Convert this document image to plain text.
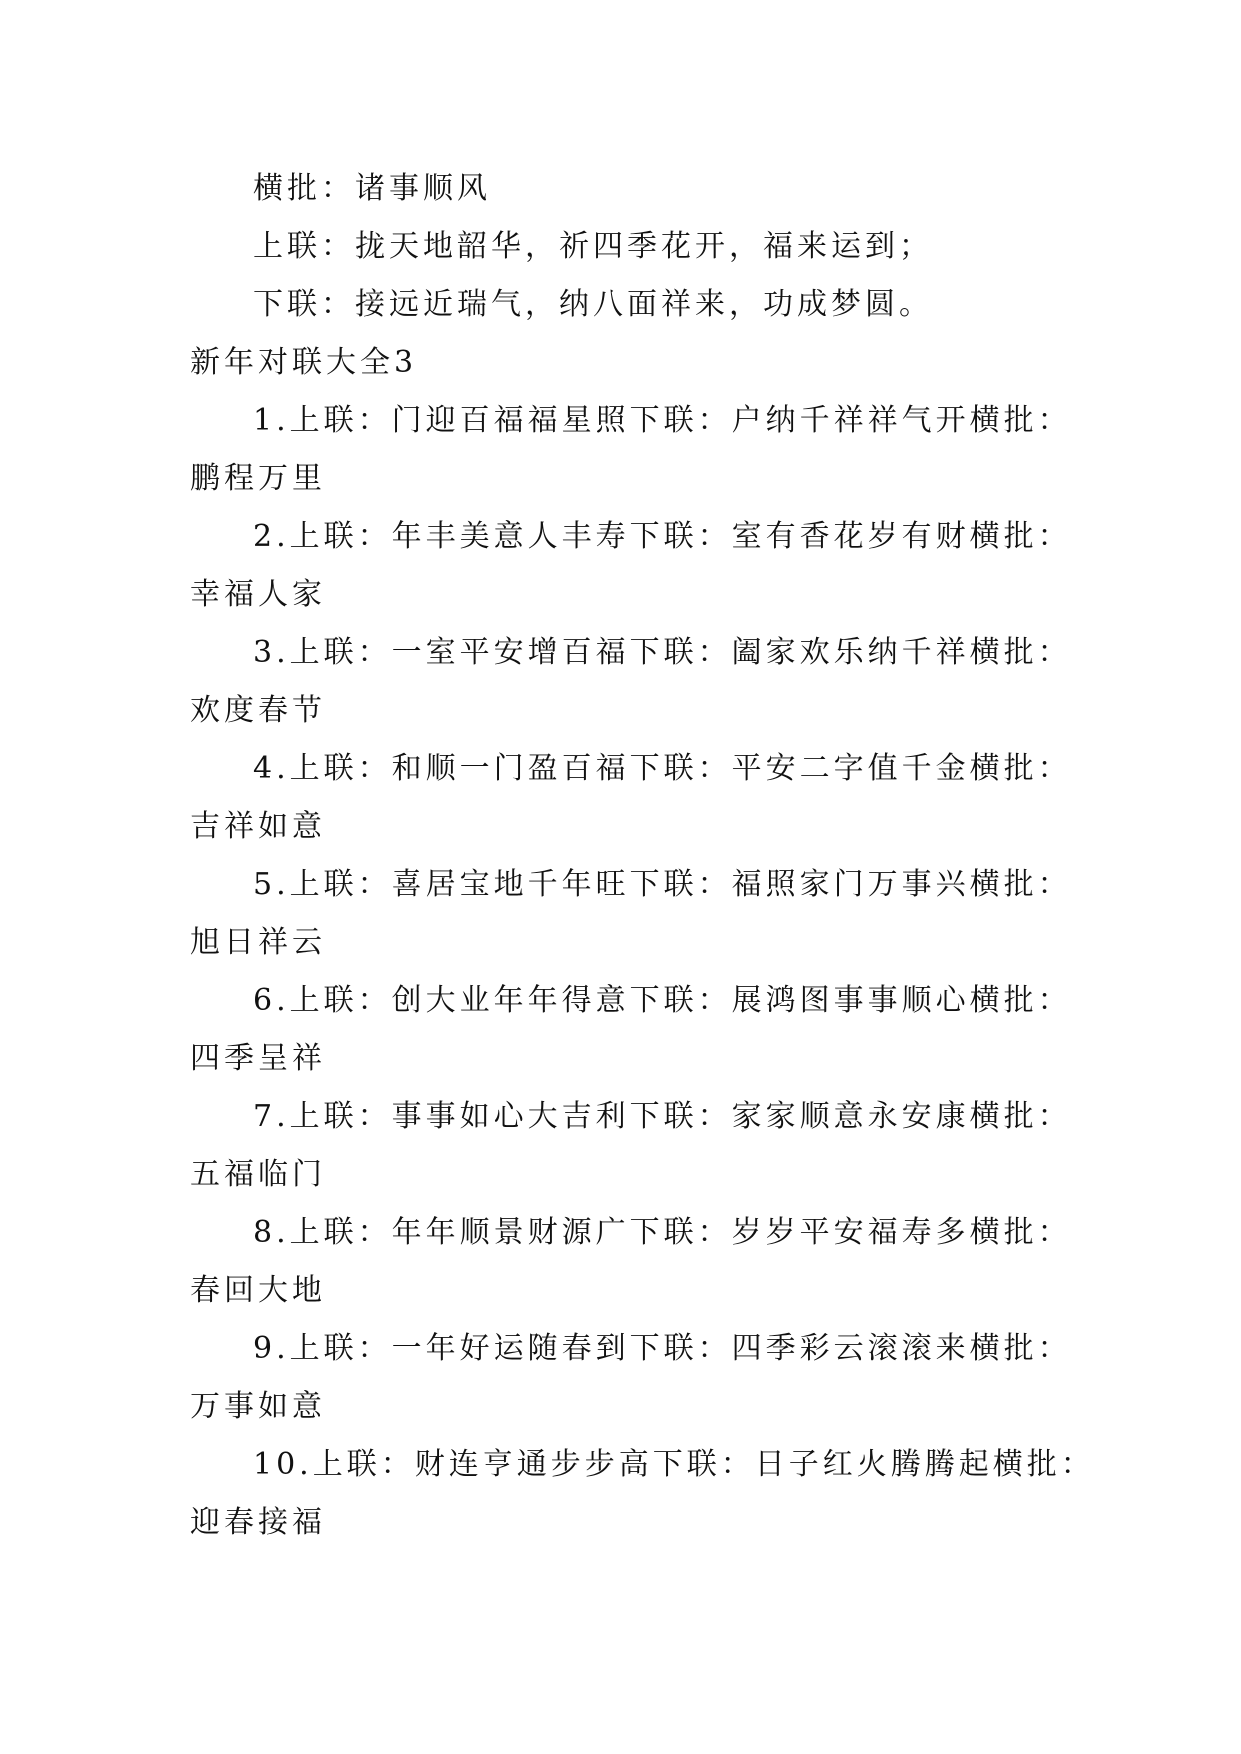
横批：诸事顺风

上联：拢天地韶华，祈四季花开，福来运到；

下联：接远近瑞气，纳八面祥来，功成梦圆。

新年对联大全3

1.上联：门迎百福福星照下联：户纳千祥祥气开横批：

鹏程万里

2.上联：年丰美意人丰寿下联：室有香花岁有财横批：

幸福人家

3.上联：一室平安增百福下联：阖家欢乐纳千祥横批：

欢度春节

4.上联：和顺一门盈百福下联：平安二字值千金横批：

吉祥如意

5.上联：喜居宝地千年旺下联：福照家门万事兴横批：

旭日祥云

6.上联：创大业年年得意下联：展鸿图事事顺心横批：

四季呈祥

7.上联：事事如心大吉利下联：家家顺意永安康横批：

五福临门

8.上联：年年顺景财源广下联：岁岁平安福寿多横批：

春回大地

9.上联：一年好运随春到下联：四季彩云滚滚来横批：

万事如意

10.上联：财连亨通步步高下联：日子红火腾腾起横批：

迎春接福
